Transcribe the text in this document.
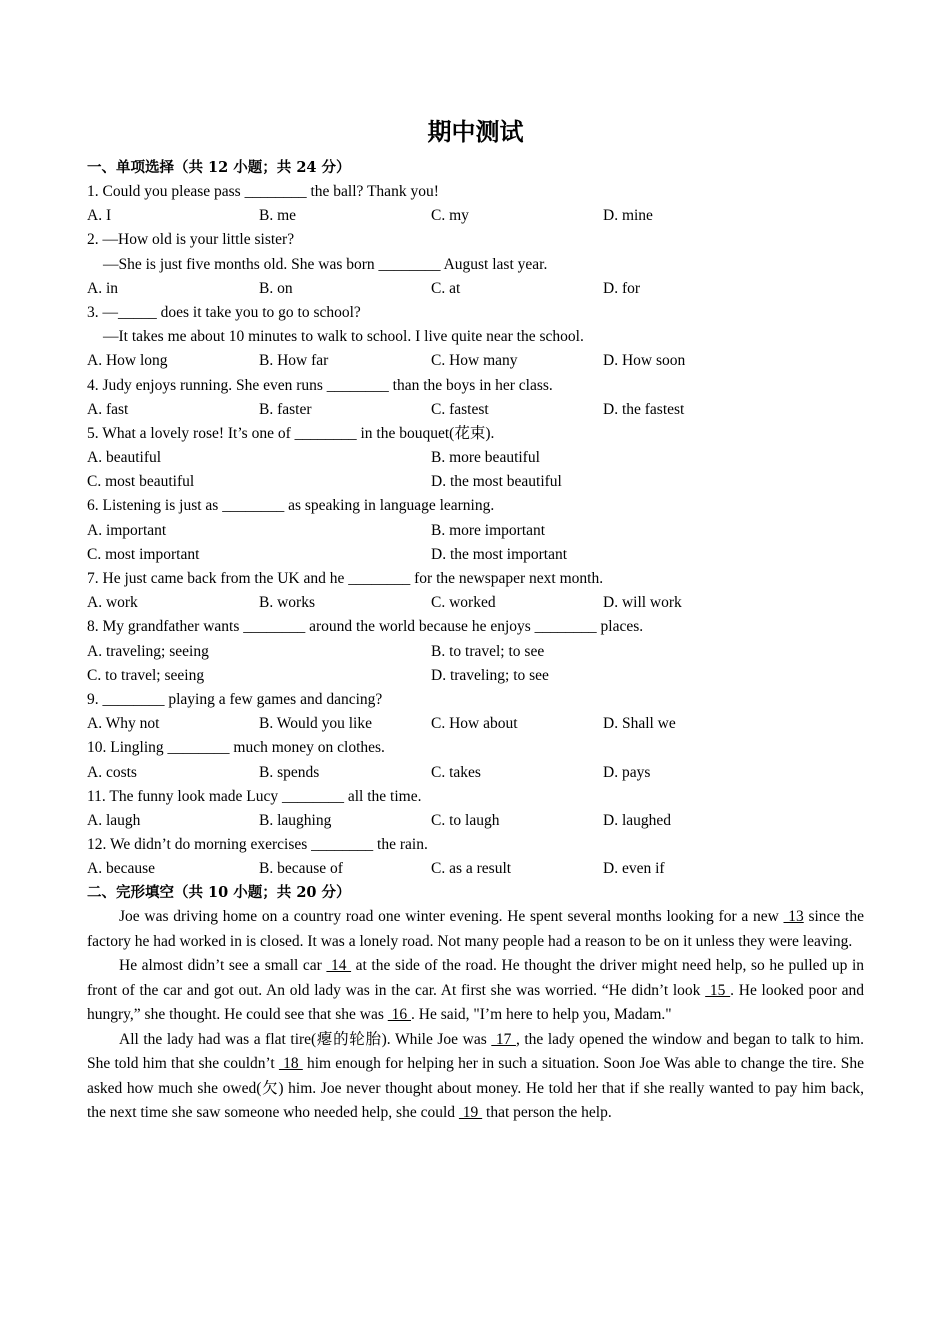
期中测试
一、单项选择（共 12 小题；共 24 分）
1. Could you please pass ________ the ball? Thank you!
A. I	B. me	C. my	D. mine
2. —How old is your little sister?
—She is just five months old. She was born ________ August last year.
A. in	B. on	C. at	D. for
3. —_____ does it take you to go to school?
—It takes me about 10 minutes to walk to school. I live quite near the school.
A. How long	B. How far	C. How many	D. How soon
4. Judy enjoys running. She even runs ________ than the boys in her class.
A. fast	B. faster	C. fastest	D. the fastest
5. What a lovely rose! It’s one of ________ in the bouquet(花束).
A. beautiful	B. more beautiful
C. most beautiful	D. the most beautiful
6. Listening is just as ________ as speaking in language learning.
A. important	B. more important
C. most important	D. the most important
7. He just came back from the UK and he ________ for the newspaper next month.
A. work	B. works	C. worked	D. will work
8. My grandfather wants ________ around the world because he enjoys ________ places.
A. traveling; seeing	B. to travel; to see
C. to travel; seeing	D. traveling; to see
9. ________ playing a few games and dancing?
A. Why not	B. Would you like	C. How about	D. Shall we
10. Lingling ________ much money on clothes.
A. costs	B. spends	C. takes	D. pays
11. The funny look made Lucy ________ all the time.
A. laugh	B. laughing	C. to laugh	D. laughed
12. We didn’t do morning exercises ________ the rain.
A. because	B. because of	C. as a result	D. even if
二、完形填空（共 10 小题；共 20 分）

Joe was driving home on a country road one winter evening. He spent several months looking for a new  13 since the factory he had worked in is closed. It was a lonely road. Not many people had a reason to be on it unless they were leaving.

He almost didn’t see a small car  14  at the side of the road. He thought the driver might need help, so he pulled up in front of the car and got out. An old lady was in the car. At first she was worried. “He didn’t look  15 . He looked poor and hungry,” she thought. He could see that she was  16 . He said, "I’m here to help you, Madam."

All the lady had was a flat tire(瘪的轮胎). While Joe was  17 , the lady opened the window and began to talk to him. She told him that she couldn’t  18  him enough for helping her in such a situation. Soon Joe Was able to change the tire. She asked how much she owed(欠) him. Joe never thought about money. He told her that if she really wanted to pay him back, the next time she saw someone who needed help, she could  19  that person the help.
